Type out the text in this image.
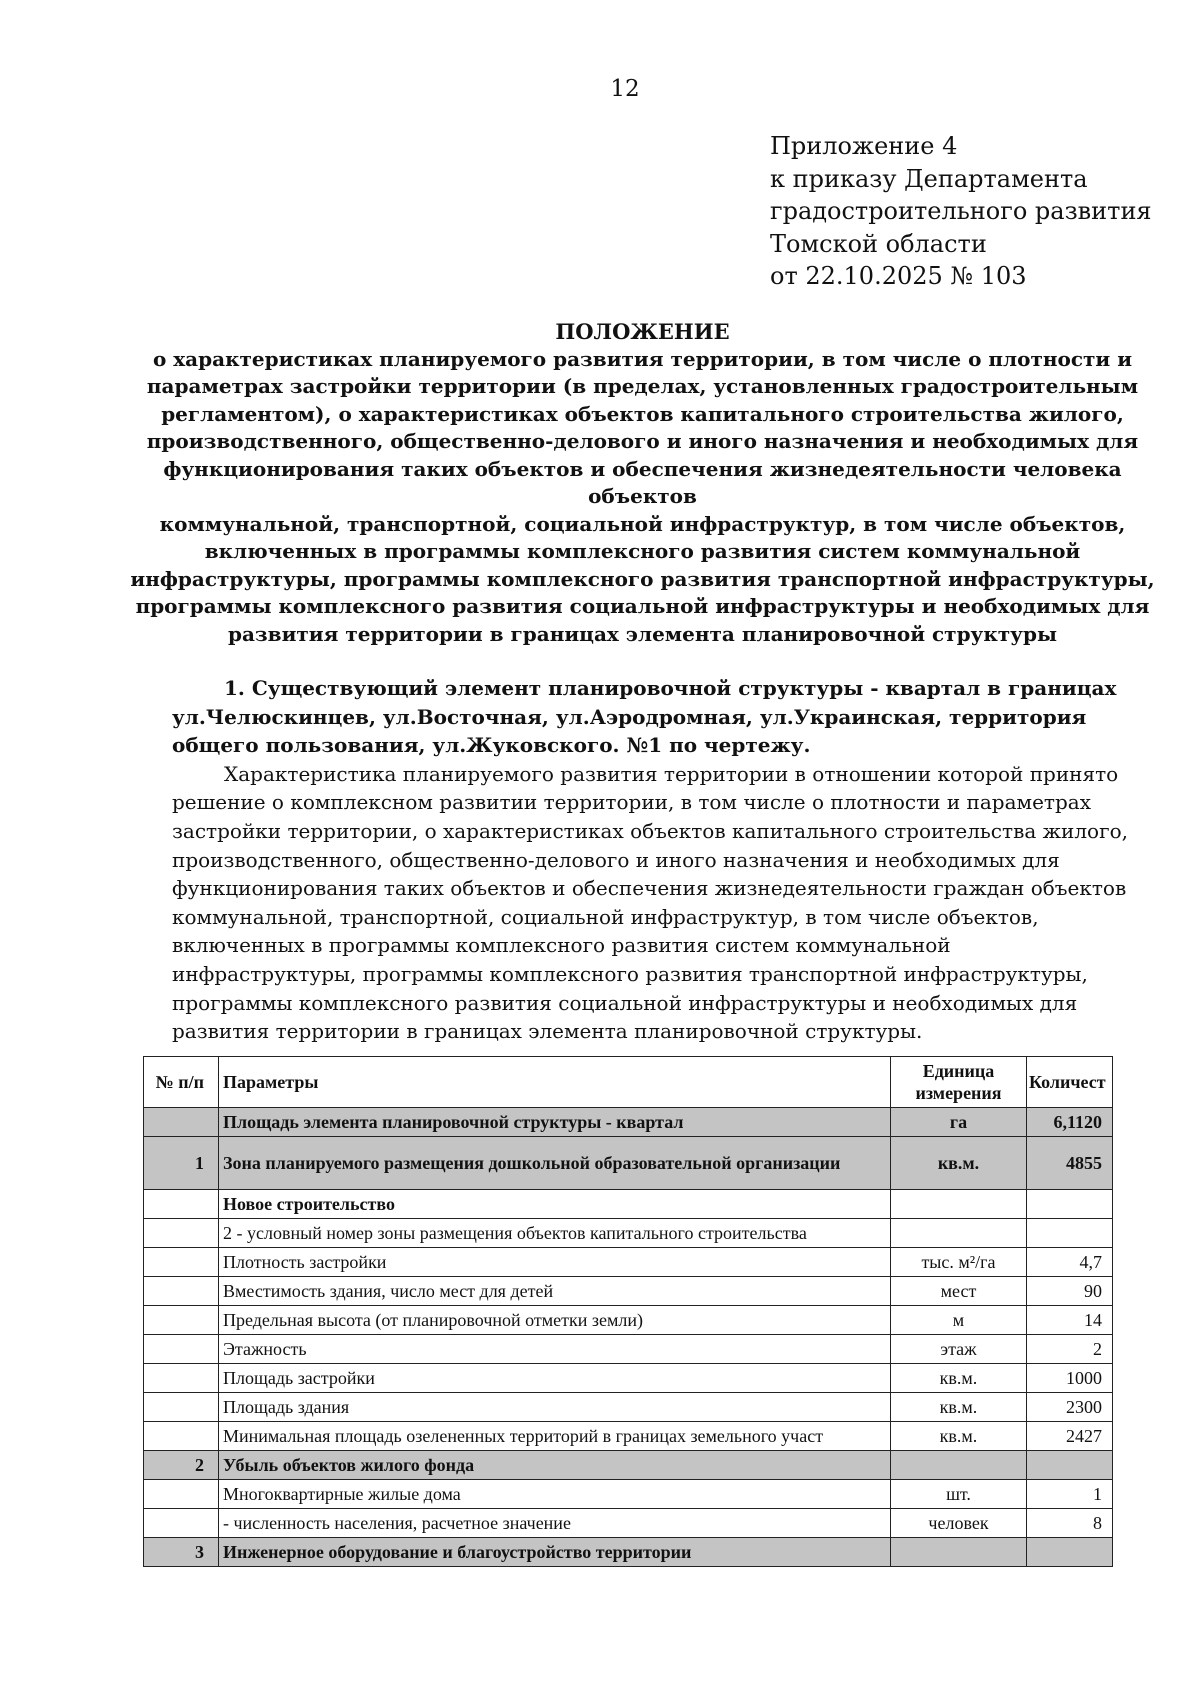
12
Приложение 4
к приказу Департамента
градостроительного развития
Томской области
от 22.10.2025 № 103
ПОЛОЖЕНИЕ
о характеристиках планируемого развития территории, в том числе о плотности и
параметрах застройки территории (в пределах, установленных градостроительным
регламентом), о характеристиках объектов капитального строительства жилого,
производственного, общественно-делового и иного назначения и необходимых для
функционирования таких объектов и обеспечения жизнедеятельности человека объектов
коммунальной, транспортной, социальной инфраструктур, в том числе объектов,
включенных в программы комплексного развития систем коммунальной
инфраструктуры, программы комплексного развития транспортной инфраструктуры,
программы комплексного развития социальной инфраструктуры и необходимых для
развития территории в границах элемента планировочной структуры
1. Существующий элемент планировочной структуры - квартал в границах ул.Челюскинцев, ул.Восточная, ул.Аэродромная, ул.Украинская, территория общего пользования, ул.Жуковского. №1 по чертежу.
Характеристика планируемого развития территории в отношении которой принято решение о комплексном развитии территории, в том числе о плотности и параметрах застройки территории, о характеристиках объектов капитального строительства жилого, производственного, общественно-делового и иного назначения и необходимых для функционирования таких объектов и обеспечения жизнедеятельности граждан объектов коммунальной, транспортной, социальной инфраструктур, в том числе объектов, включенных в программы комплексного развития систем коммунальной инфраструктуры, программы комплексного развития транспортной инфраструктуры, программы комплексного развития социальной инфраструктуры и необходимых для развития территории в границах элемента планировочной структуры.
№ п/п	Параметры	Единица измерения	Количест
	Площадь элемента планировочной структуры - квартал	га	6,1120
1	Зона планируемого размещения дошкольной образовательной организации	кв.м.	4855
	Новое строительство		
	2 - условный номер зоны размещения объектов капитального строительства		
	Плотность застройки	тыс. м²/га	4,7
	Вместимость здания, число мест для детей	мест	90
	Предельная высота (от планировочной отметки земли)	м	14
	Этажность	этаж	2
	Площадь застройки	кв.м.	1000
	Площадь здания	кв.м.	2300
	Минимальная площадь озелененных территорий в границах земельного участ	кв.м.	2427
2	Убыль объектов жилого фонда		
	Многоквартирные жилые дома	шт.	1
	- численность населения, расчетное значение	человек	8
3	Инженерное оборудование и благоустройство территории		
